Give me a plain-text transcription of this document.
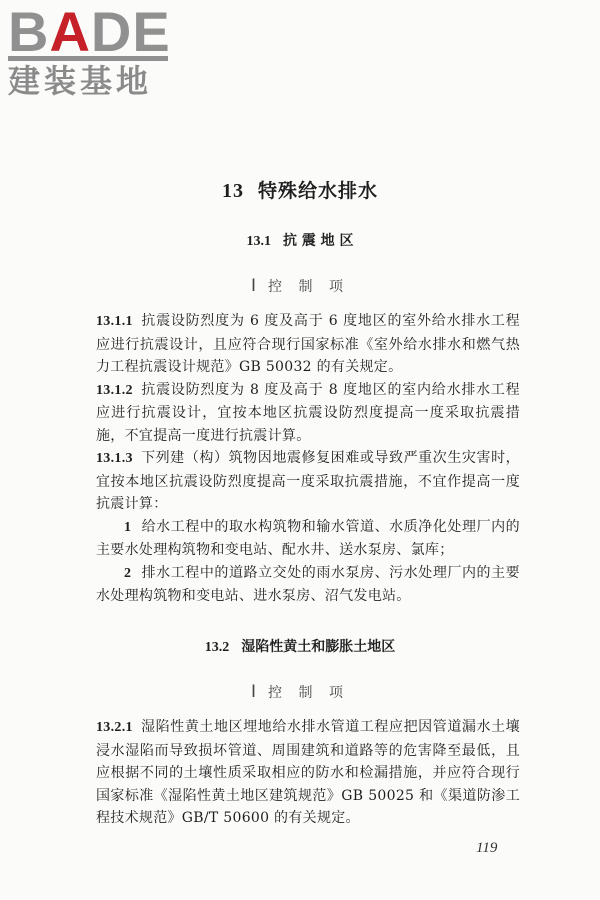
BADE
建装基地
13 特殊给水排水
13.1 抗 震 地 区
Ⅰ 控 制 项

13.1.1 抗震设防烈度为 6 度及高于 6 度地区的室外给水排水工程应进行抗震设计，且应符合现行国家标准《室外给水排水和燃气热力工程抗震设计规范》GB 50032 的有关规定。

13.1.2 抗震设防烈度为 8 度及高于 8 度地区的室内给水排水工程应进行抗震设计，宜按本地区抗震设防烈度提高一度采取抗震措施，不宜提高一度进行抗震计算。

13.1.3 下列建（构）筑物因地震修复困难或导致严重次生灾害时，宜按本地区抗震设防烈度提高一度采取抗震措施，不宜作提高一度抗震计算：

1 给水工程中的取水构筑物和输水管道、水质净化处理厂内的主要水处理构筑物和变电站、配水井、送水泵房、氯库；

2 排水工程中的道路立交处的雨水泵房、污水处理厂内的主要水处理构筑物和变电站、进水泵房、沼气发电站。

13.2 湿陷性黄土和膨胀土地区
Ⅰ 控 制 项

13.2.1 湿陷性黄土地区埋地给水排水管道工程应把因管道漏水土壤浸水湿陷而导致损坏管道、周围建筑和道路等的危害降至最低，且应根据不同的土壤性质采取相应的防水和检漏措施，并应符合现行国家标准《湿陷性黄土地区建筑规范》GB 50025 和《渠道防渗工程技术规范》GB/T 50600 的有关规定。

119
